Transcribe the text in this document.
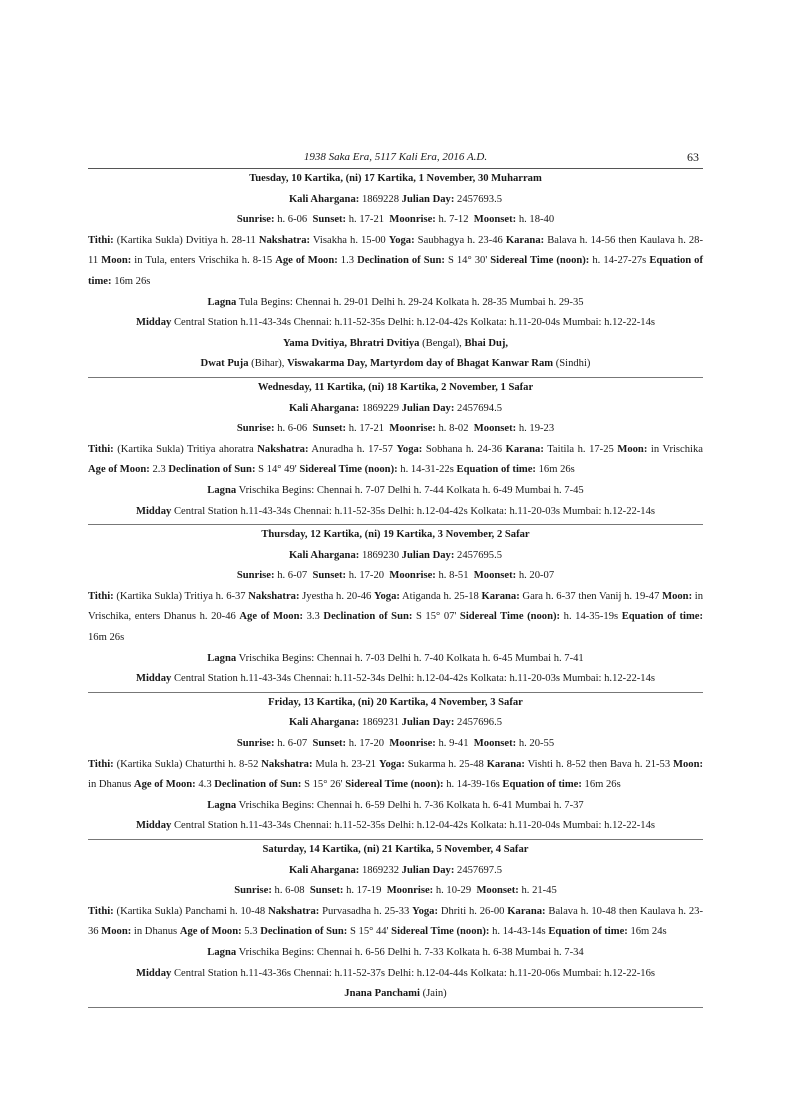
1938 Saka Era, 5117 Kali Era, 2016 A.D.	63
Tuesday, 10 Kartika, (ni) 17 Kartika, 1 November, 30 Muharram
Kali Ahargana: 1869228 Julian Day: 2457693.5
Sunrise: h. 6-06 Sunset: h. 17-21 Moonrise: h. 7-12 Moonset: h. 18-40
Tithi: (Kartika Sukla) Dvitiya h. 28-11 Nakshatra: Visakha h. 15-00 Yoga: Saubhagya h. 23-46 Karana: Balava h. 14-56 then Kaulava h. 28-11 Moon: in Tula, enters Vrischika h. 8-15 Age of Moon: 1.3 Declination of Sun: S 14° 30' Sidereal Time (noon): h. 14-27-27s Equation of time: 16m 26s
Lagna Tula Begins: Chennai h. 29-01 Delhi h. 29-24 Kolkata h. 28-35 Mumbai h. 29-35
Midday Central Station h.11-43-34s Chennai: h.11-52-35s Delhi: h.12-04-42s Kolkata: h.11-20-04s Mumbai: h.12-22-14s
Yama Dvitiya, Bhratri Dvitiya (Bengal), Bhai Duj,
Dwat Puja (Bihar), Viswakarma Day, Martyrdom day of Bhagat Kanwar Ram (Sindhi)
Wednesday, 11 Kartika, (ni) 18 Kartika, 2 November, 1 Safar
Kali Ahargana: 1869229 Julian Day: 2457694.5
Sunrise: h. 6-06 Sunset: h. 17-21 Moonrise: h. 8-02 Moonset: h. 19-23
Tithi: (Kartika Sukla) Tritiya ahoratra Nakshatra: Anuradha h. 17-57 Yoga: Sobhana h. 24-36 Karana: Taitila h. 17-25 Moon: in Vrischika Age of Moon: 2.3 Declination of Sun: S 14° 49' Sidereal Time (noon): h. 14-31-22s Equation of time: 16m 26s
Lagna Vrischika Begins: Chennai h. 7-07 Delhi h. 7-44 Kolkata h. 6-49 Mumbai h. 7-45
Midday Central Station h.11-43-34s Chennai: h.11-52-35s Delhi: h.12-04-42s Kolkata: h.11-20-03s Mumbai: h.12-22-14s
Thursday, 12 Kartika, (ni) 19 Kartika, 3 November, 2 Safar
Kali Ahargana: 1869230 Julian Day: 2457695.5
Sunrise: h. 6-07 Sunset: h. 17-20 Moonrise: h. 8-51 Moonset: h. 20-07
Tithi: (Kartika Sukla) Tritiya h. 6-37 Nakshatra: Jyestha h. 20-46 Yoga: Atiganda h. 25-18 Karana: Gara h. 6-37 then Vanij h. 19-47 Moon: in Vrischika, enters Dhanus h. 20-46 Age of Moon: 3.3 Declination of Sun: S 15° 07' Sidereal Time (noon): h. 14-35-19s Equation of time: 16m 26s
Lagna Vrischika Begins: Chennai h. 7-03 Delhi h. 7-40 Kolkata h. 6-45 Mumbai h. 7-41
Midday Central Station h.11-43-34s Chennai: h.11-52-34s Delhi: h.12-04-42s Kolkata: h.11-20-03s Mumbai: h.12-22-14s
Friday, 13 Kartika, (ni) 20 Kartika, 4 November, 3 Safar
Kali Ahargana: 1869231 Julian Day: 2457696.5
Sunrise: h. 6-07 Sunset: h. 17-20 Moonrise: h. 9-41 Moonset: h. 20-55
Tithi: (Kartika Sukla) Chaturthi h. 8-52 Nakshatra: Mula h. 23-21 Yoga: Sukarma h. 25-48 Karana: Vishti h. 8-52 then Bava h. 21-53 Moon: in Dhanus Age of Moon: 4.3 Declination of Sun: S 15° 26' Sidereal Time (noon): h. 14-39-16s Equation of time: 16m 26s
Lagna Vrischika Begins: Chennai h. 6-59 Delhi h. 7-36 Kolkata h. 6-41 Mumbai h. 7-37
Midday Central Station h.11-43-34s Chennai: h.11-52-35s Delhi: h.12-04-42s Kolkata: h.11-20-04s Mumbai: h.12-22-14s
Saturday, 14 Kartika, (ni) 21 Kartika, 5 November, 4 Safar
Kali Ahargana: 1869232 Julian Day: 2457697.5
Sunrise: h. 6-08 Sunset: h. 17-19 Moonrise: h. 10-29 Moonset: h. 21-45
Tithi: (Kartika Sukla) Panchami h. 10-48 Nakshatra: Purvasadha h. 25-33 Yoga: Dhriti h. 26-00 Karana: Balava h. 10-48 then Kaulava h. 23-36 Moon: in Dhanus Age of Moon: 5.3 Declination of Sun: S 15° 44' Sidereal Time (noon): h. 14-43-14s Equation of time: 16m 24s
Lagna Vrischika Begins: Chennai h. 6-56 Delhi h. 7-33 Kolkata h. 6-38 Mumbai h. 7-34
Midday Central Station h.11-43-36s Chennai: h.11-52-37s Delhi: h.12-04-44s Kolkata: h.11-20-06s Mumbai: h.12-22-16s
Jnana Panchami (Jain)
